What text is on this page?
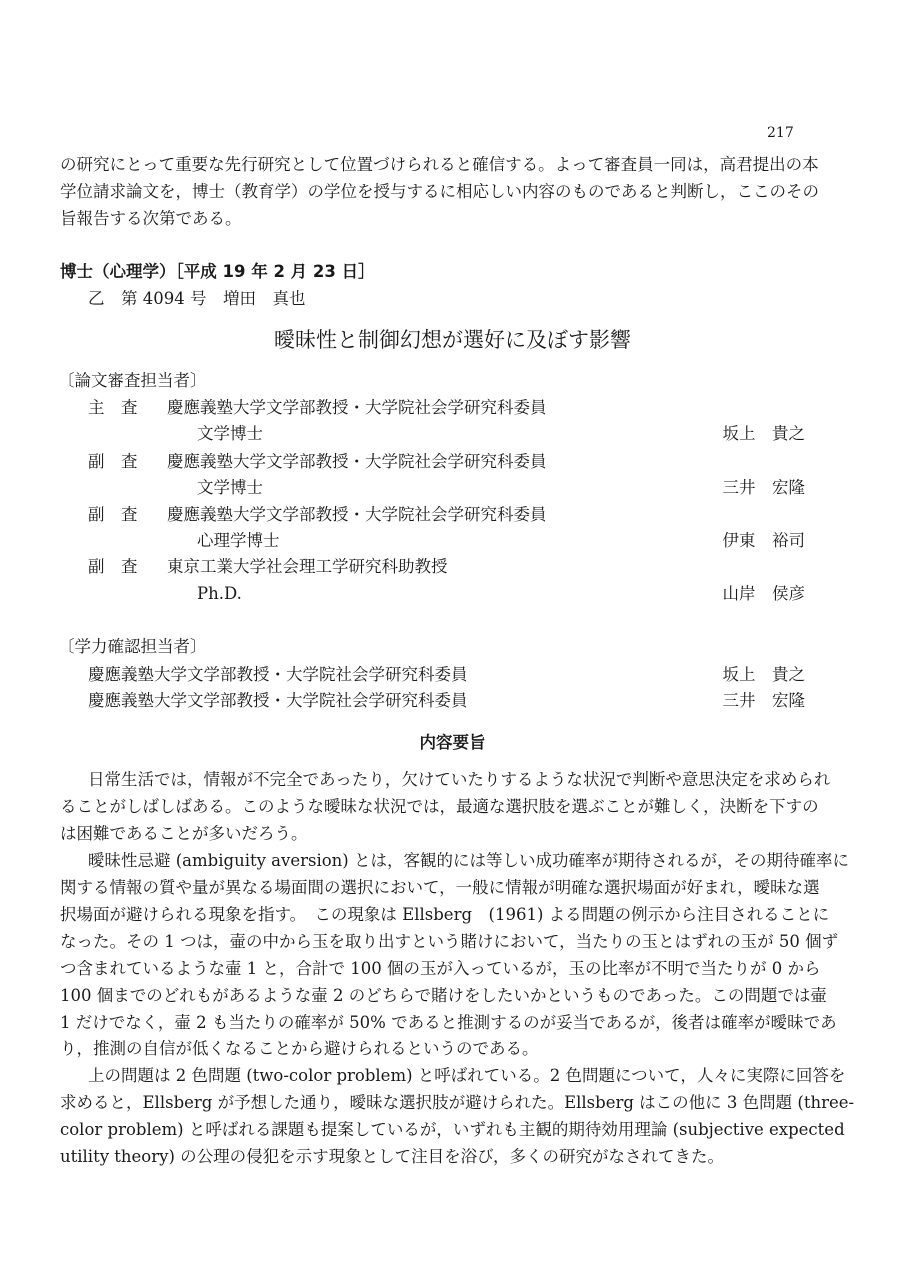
217
の研究にとって重要な先行研究として位置づけられると確信する。よって審査員一同は，高君提出の本
学位請求論文を，博士（教育学）の学位を授与するに相応しい内容のものであると判断し，ここのその
旨報告する次第である。
博士（心理学）［平成 19 年 2 月 23 日］
乙　第 4094 号　増田　真也
曖昧性と制御幻想が選好に及ぼす影響
〔論文審査担当者〕
主　査 慶應義塾大学文学部教授・大学院社会学研究科委員
文学博士	坂上　貴之
副　査 慶應義塾大学文学部教授・大学院社会学研究科委員
文学博士	三井　宏隆
副　査 慶應義塾大学文学部教授・大学院社会学研究科委員
心理学博士	伊東　裕司
副　査 東京工業大学社会理工学研究科助教授
Ph.D.	山岸　侯彦
〔学力確認担当者〕
慶應義塾大学文学部教授・大学院社会学研究科委員	坂上　貴之
慶應義塾大学文学部教授・大学院社会学研究科委員	三井　宏隆
内容要旨
日常生活では，情報が不完全であったり，欠けていたりするような状況で判断や意思決定を求められ
ることがしばしばある。このような曖昧な状況では，最適な選択肢を選ぶことが難しく，決断を下すの
は困難であることが多いだろう。
曖昧性忌避 (ambiguity aversion) とは，客観的には等しい成功確率が期待されるが，その期待確率に
関する情報の質や量が異なる場面間の選択において，一般に情報が明確な選択場面が好まれ，曖昧な選
択場面が避けられる現象を指す。　この現象は Ellsberg　(1961) よる問題の例示から注目されることに
なった。その 1 つは，壷の中から玉を取り出すという賭けにおいて，当たりの玉とはずれの玉が 50 個ず
つ含まれているような壷 1 と，合計で 100 個の玉が入っているが，玉の比率が不明で当たりが 0 から
100 個までのどれもがあるような壷 2 のどちらで賭けをしたいかというものであった。この問題では壷
1 だけでなく，壷 2 も当たりの確率が 50% であると推測するのが妥当であるが，後者は確率が曖昧であ
り，推測の自信が低くなることから避けられるというのである。
上の問題は 2 色問題 (two-color problem) と呼ばれている。2 色問題について，人々に実際に回答を
求めると，Ellsberg が予想した通り，曖昧な選択肢が避けられた。Ellsberg はこの他に 3 色問題 (three-
color problem) と呼ばれる課題も提案しているが，いずれも主観的期待効用理論 (subjective expected
utility theory) の公理の侵犯を示す現象として注目を浴び，多くの研究がなされてきた。
